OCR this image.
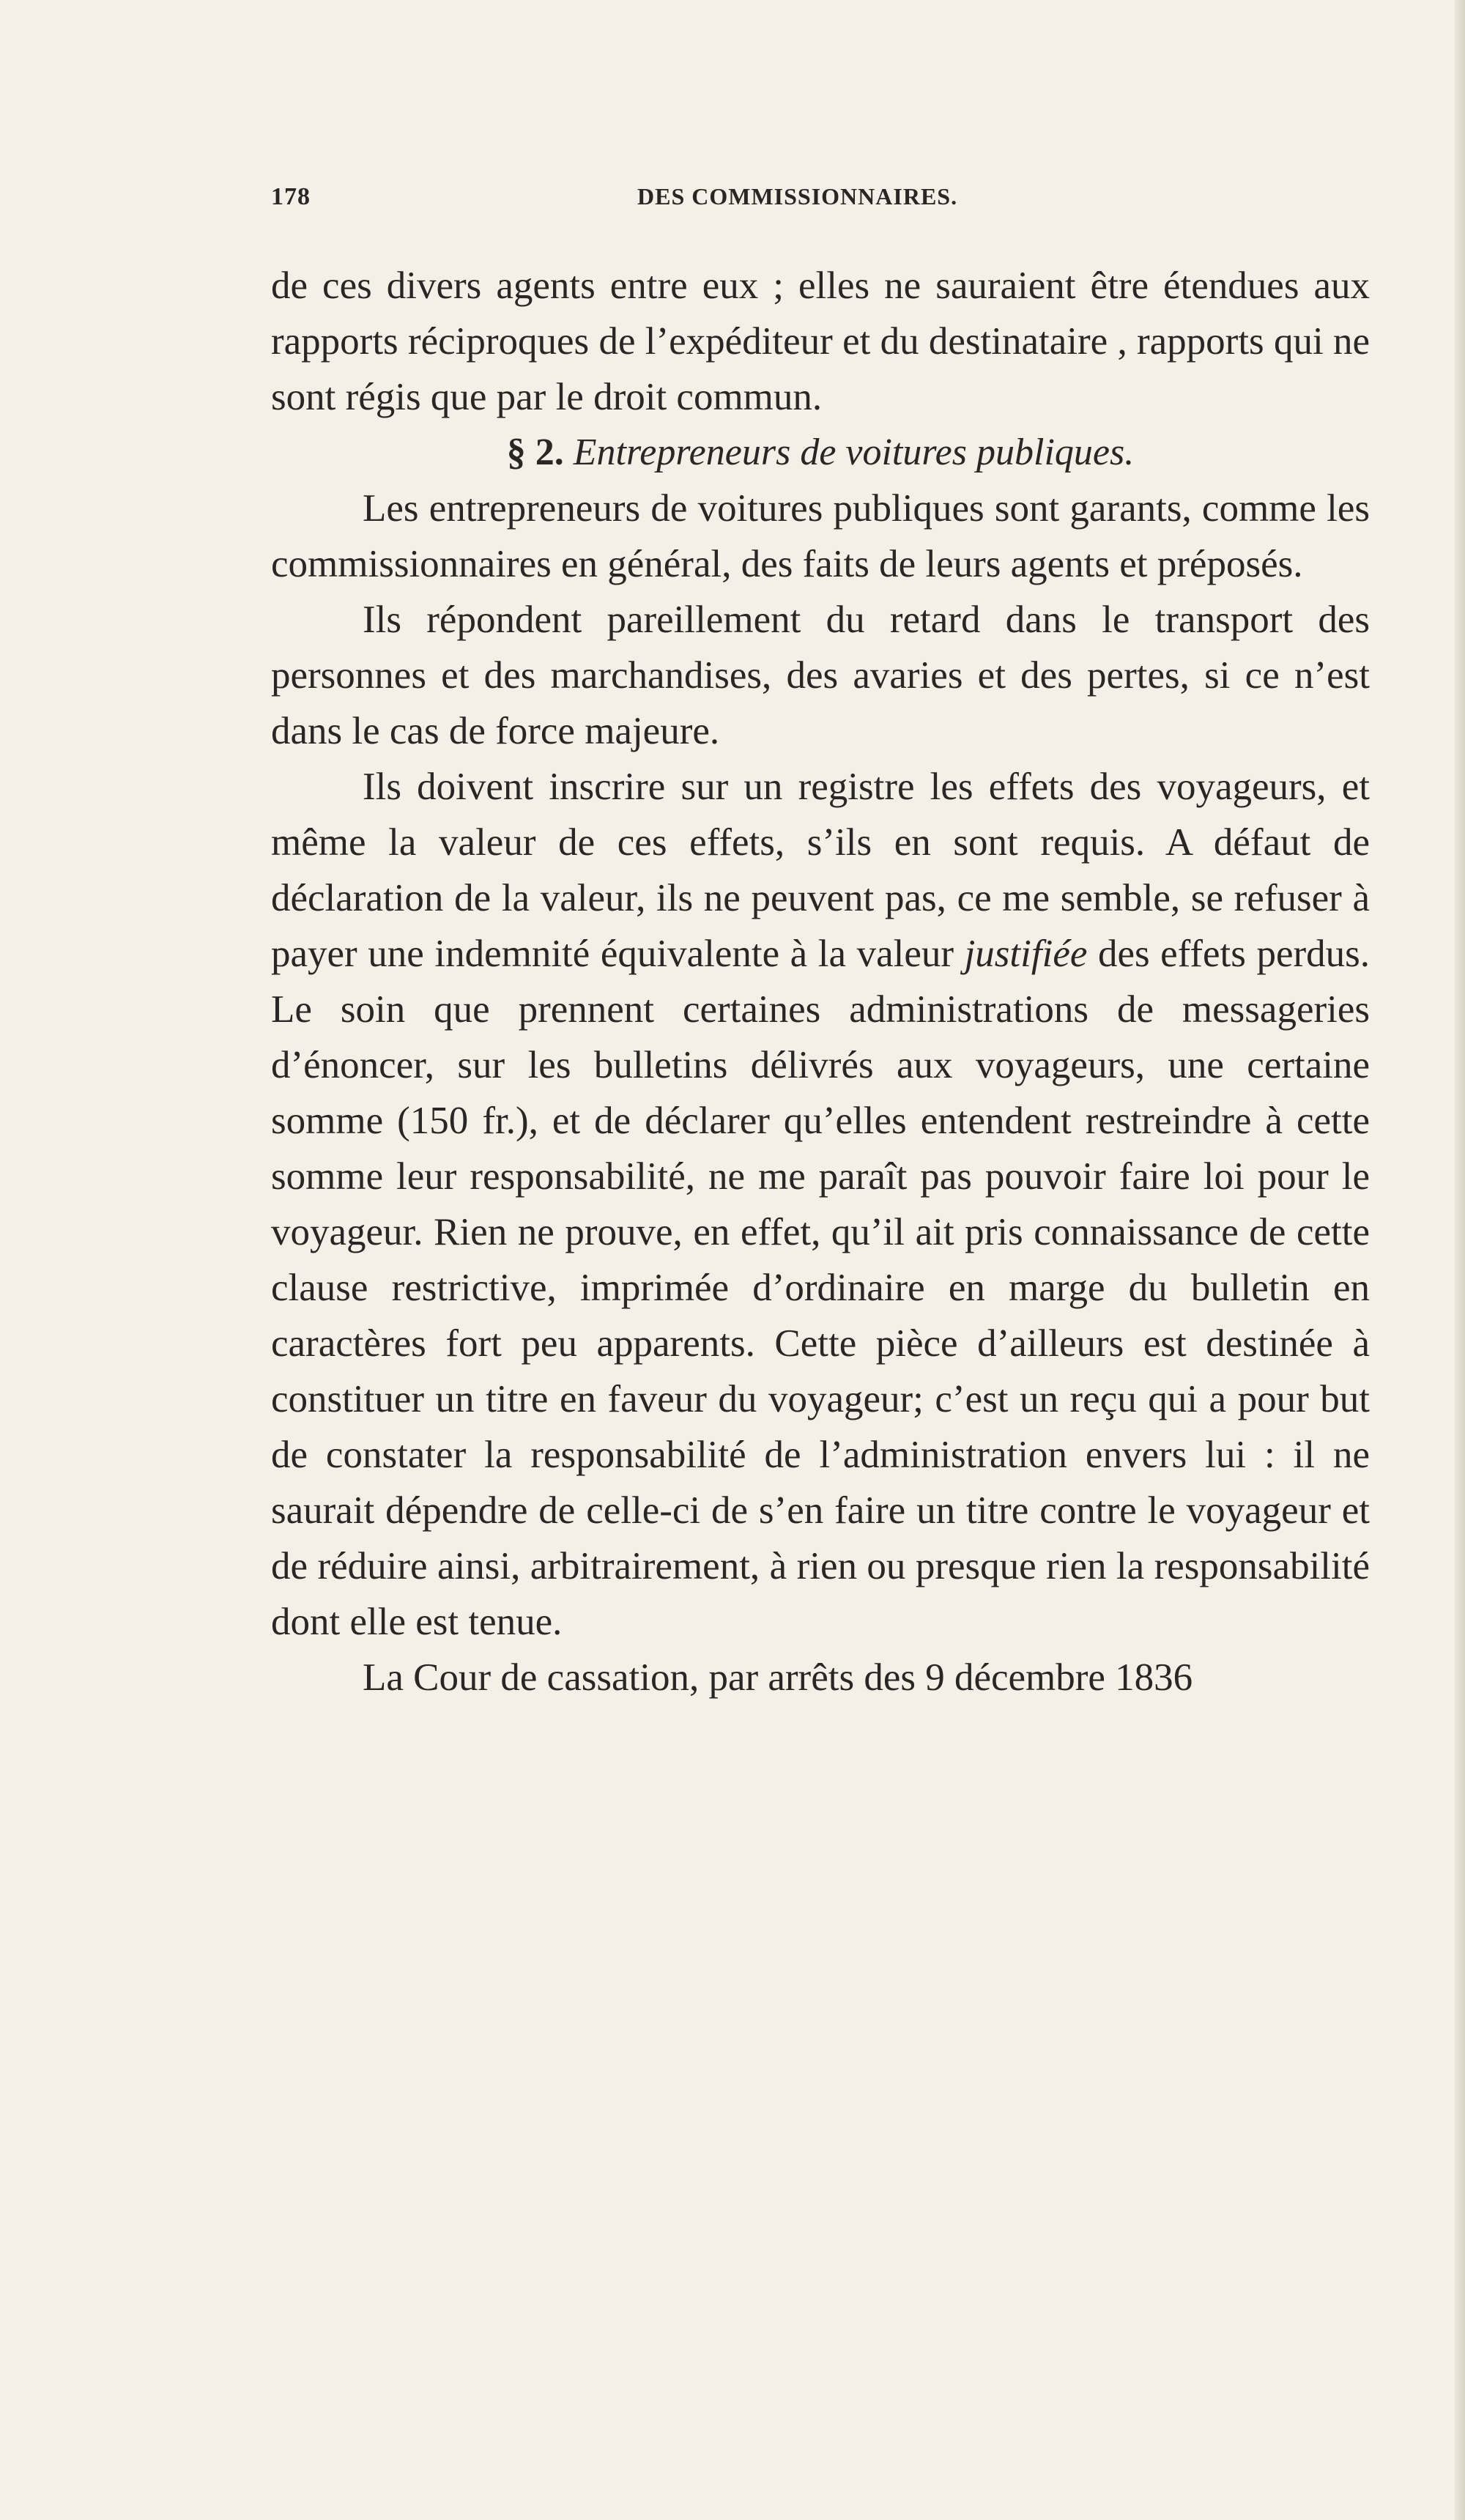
178	DES COMMISSIONNAIRES.

de ces divers agents entre eux ; elles ne sauraient être étendues aux rapports réciproques de l’expéditeur et du destinataire , rapports qui ne sont régis que par le droit commun.

§ 2. Entrepreneurs de voitures publiques.

Les entrepreneurs de voitures publiques sont garants, comme les commissionnaires en général, des faits de leurs agents et préposés.

Ils répondent pareillement du retard dans le transport des personnes et des marchandises, des avaries et des pertes, si ce n’est dans le cas de force majeure.

Ils doivent inscrire sur un registre les effets des voyageurs, et même la valeur de ces effets, s’ils en sont requis. A défaut de déclaration de la valeur, ils ne peuvent pas, ce me semble, se refuser à payer une indemnité équivalente à la valeur justifiée des effets perdus. Le soin que prennent certaines administrations de messageries d’énoncer, sur les bulletins délivrés aux voyageurs, une certaine somme (150 fr.), et de déclarer qu’elles entendent restreindre à cette somme leur responsabilité, ne me paraît pas pouvoir faire loi pour le voyageur. Rien ne prouve, en effet, qu’il ait pris connaissance de cette clause restrictive, imprimée d’ordinaire en marge du bulletin en caractères fort peu apparents. Cette pièce d’ailleurs est destinée à constituer un titre en faveur du voyageur; c’est un reçu qui a pour but de constater la responsabilité de l’administration envers lui : il ne saurait dépendre de celle-ci de s’en faire un titre contre le voyageur et de réduire ainsi, arbitrairement, à rien ou presque rien la responsabilité dont elle est tenue.

La Cour de cassation, par arrêts des 9 décembre 1836
